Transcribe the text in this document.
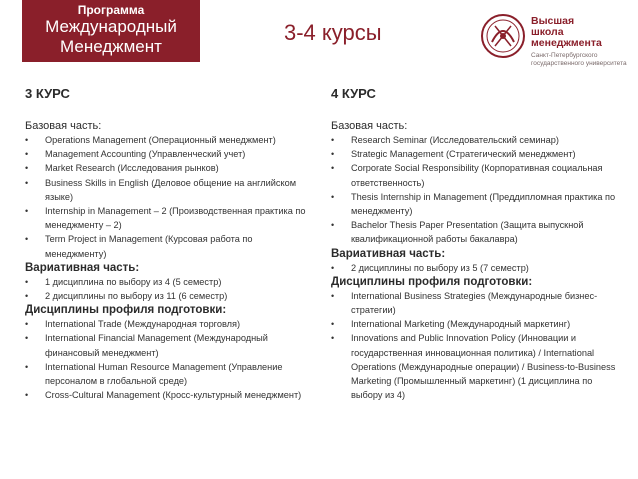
Программа
Международный
Менеджмент
3-4 курсы	Высшая
школа менеджмента
Санкт-Петербургского
государственного университета
3 КУРС
Базовая часть:
• Operations Management (Операционный менеджмент)
• Management Accounting (Управленческий учет)
• Market Research (Исследования рынков)
• Business Skills in English (Деловое общение на английском языке)
• Internship in Management – 2 (Производственная практика по менеджменту – 2)
• Term Project in Management (Курсовая работа по менеджменту)
Вариативная часть:
• 1 дисциплина по выбору из 4 (5 семестр)
• 2 дисциплины по выбору из 11 (6 семестр)
Дисциплины профиля подготовки:
• International Trade (Международная торговля)
• International Financial Management (Международный финансовый менеджмент)
• International Human Resource Management (Управление персоналом в глобальной среде)
• Cross-Cultural Management (Кросс-культурный менеджмент)
4 КУРС
Базовая часть:
• Research Seminar (Исследовательский семинар)
• Strategic Management (Стратегический менеджмент)
• Corporate Social Responsibility (Корпоративная социальная ответственность)
• Thesis Internship in Management (Преддипломная практика по менеджменту)
• Bachelor Thesis Paper Presentation (Защита выпускной квалификационной работы бакалавра)
Вариативная часть:
• 2 дисциплины по выбору из 5 (7 семестр)
Дисциплины профиля подготовки:
• International Business Strategies (Международные бизнес-стратегии)
• International Marketing (Международный маркетинг)
• Innovations and Public Innovation Policy (Инновации и государственная инновационная политика) / International Operations (Международные операции) / Business-to-Business Marketing (Промышленный маркетинг) (1 дисциплина по выбору из 4)
